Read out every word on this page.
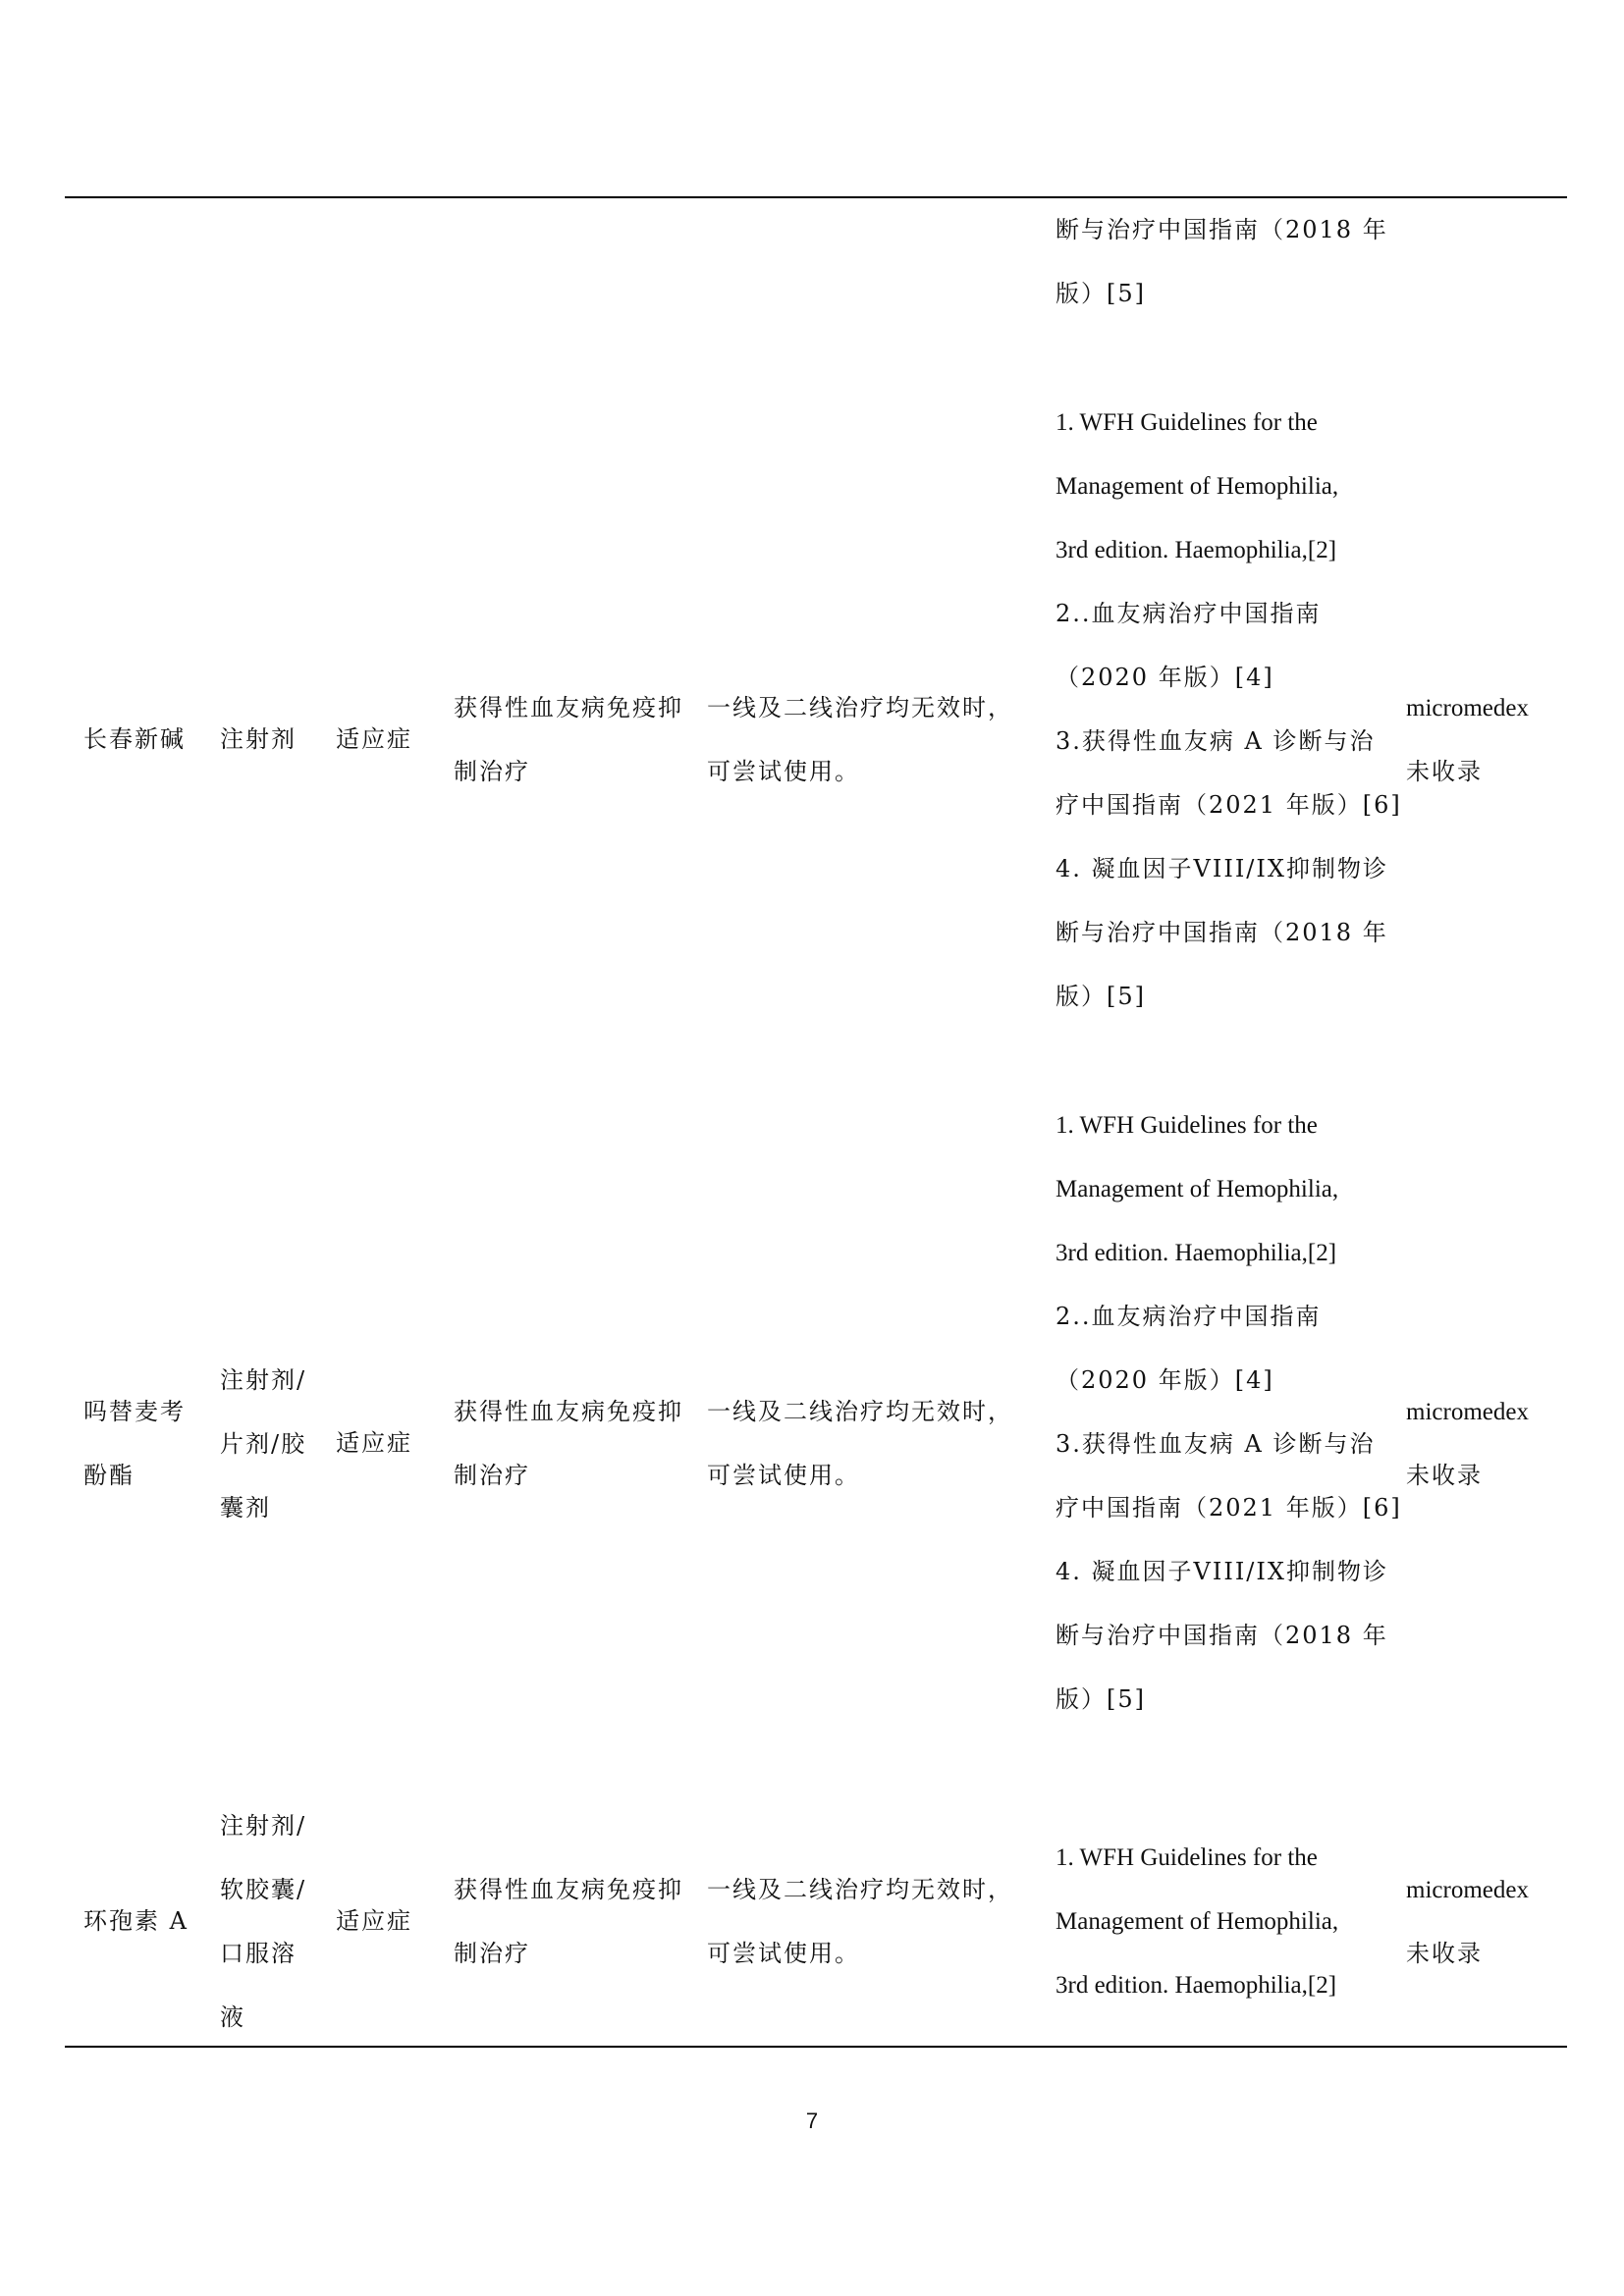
断与治疗中国指南（2018 年
版）[5]
长春新碱 注射剂 适应症
获得性血友病免疫抑
制治疗
一线及二线治疗均无效时，
可尝试使用。
1. WFH Guidelines for the
Management of Hemophilia,
3rd edition. Haemophilia,[2]
2..血友病治疗中国指南
（2020 年版）[4]
3.获得性血友病 A 诊断与治
疗中国指南（2021 年版）[6]
4. 凝血因子VIII/IX抑制物诊
断与治疗中国指南（2018 年
版）[5]
micromedex
未收录
吗替麦考
酚酯
注射剂/
片剂/胶
囊剂
适应症
获得性血友病免疫抑
制治疗
一线及二线治疗均无效时，
可尝试使用。
1. WFH Guidelines for the
Management of Hemophilia,
3rd edition. Haemophilia,[2]
2..血友病治疗中国指南
（2020 年版）[4]
3.获得性血友病 A 诊断与治
疗中国指南（2021 年版）[6]
4. 凝血因子VIII/IX抑制物诊
断与治疗中国指南（2018 年
版）[5]
micromedex
未收录
环孢素 A
注射剂/
软胶囊/
口服溶
液
适应症
获得性血友病免疫抑
制治疗
一线及二线治疗均无效时，
可尝试使用。
1. WFH Guidelines for the
Management of Hemophilia,
3rd edition. Haemophilia,[2]
micromedex
未收录
7
